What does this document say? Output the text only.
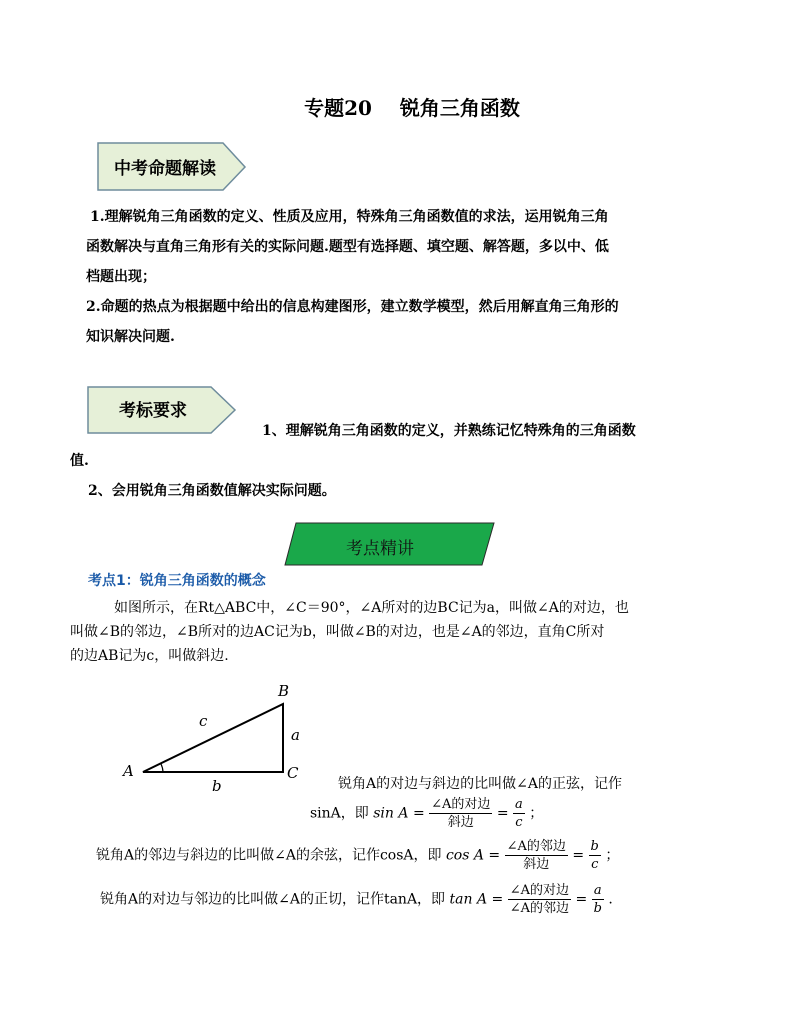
专题20 锐角三角函数
中考命题解读
1.理解锐角三角函数的定义、性质及应用，特殊角三角函数值的求法，运用锐角三角
函数解决与直角三角形有关的实际问题.题型有选择题、填空题、解答题，多以中、低
档题出现；
2.命题的热点为根据题中给出的信息构建图形，建立数学模型，然后用解直角三角形的
知识解决问题.
考标要求
1、理解锐角三角函数的定义，并熟练记忆特殊角的三角函数
值.
2、会用锐角三角函数值解决实际问题。
考点精讲
考点1：锐角三角函数的概念
如图所示，在Rt△ABC中，∠C＝90°，∠A所对的边BC记为a，叫做∠A的对边，也
叫做∠B的邻边，∠B所对的边AC记为b，叫做∠B的对边，也是∠A的邻边，直角C所对
的边AB记为c，叫做斜边.
A
B
C
a
b
c
锐角A的对边与斜边的比叫做∠A的正弦，记作
sinA，即 $\sin A = \frac{\text{∠A的对边}}{\text{斜边}} = \frac{a}{c}$ ；
锐角A的邻边与斜边的比叫做∠A的余弦，记作cosA，即 $\cos A = \frac{\text{∠A的邻边}}{\text{斜边}} = \frac{b}{c}$ ；
锐角A的对边与邻边的比叫做∠A的正切，记作tanA，即 $\tan A = \frac{\text{∠A的对边}}{\text{∠A的邻边}} = \frac{a}{b}$ .
